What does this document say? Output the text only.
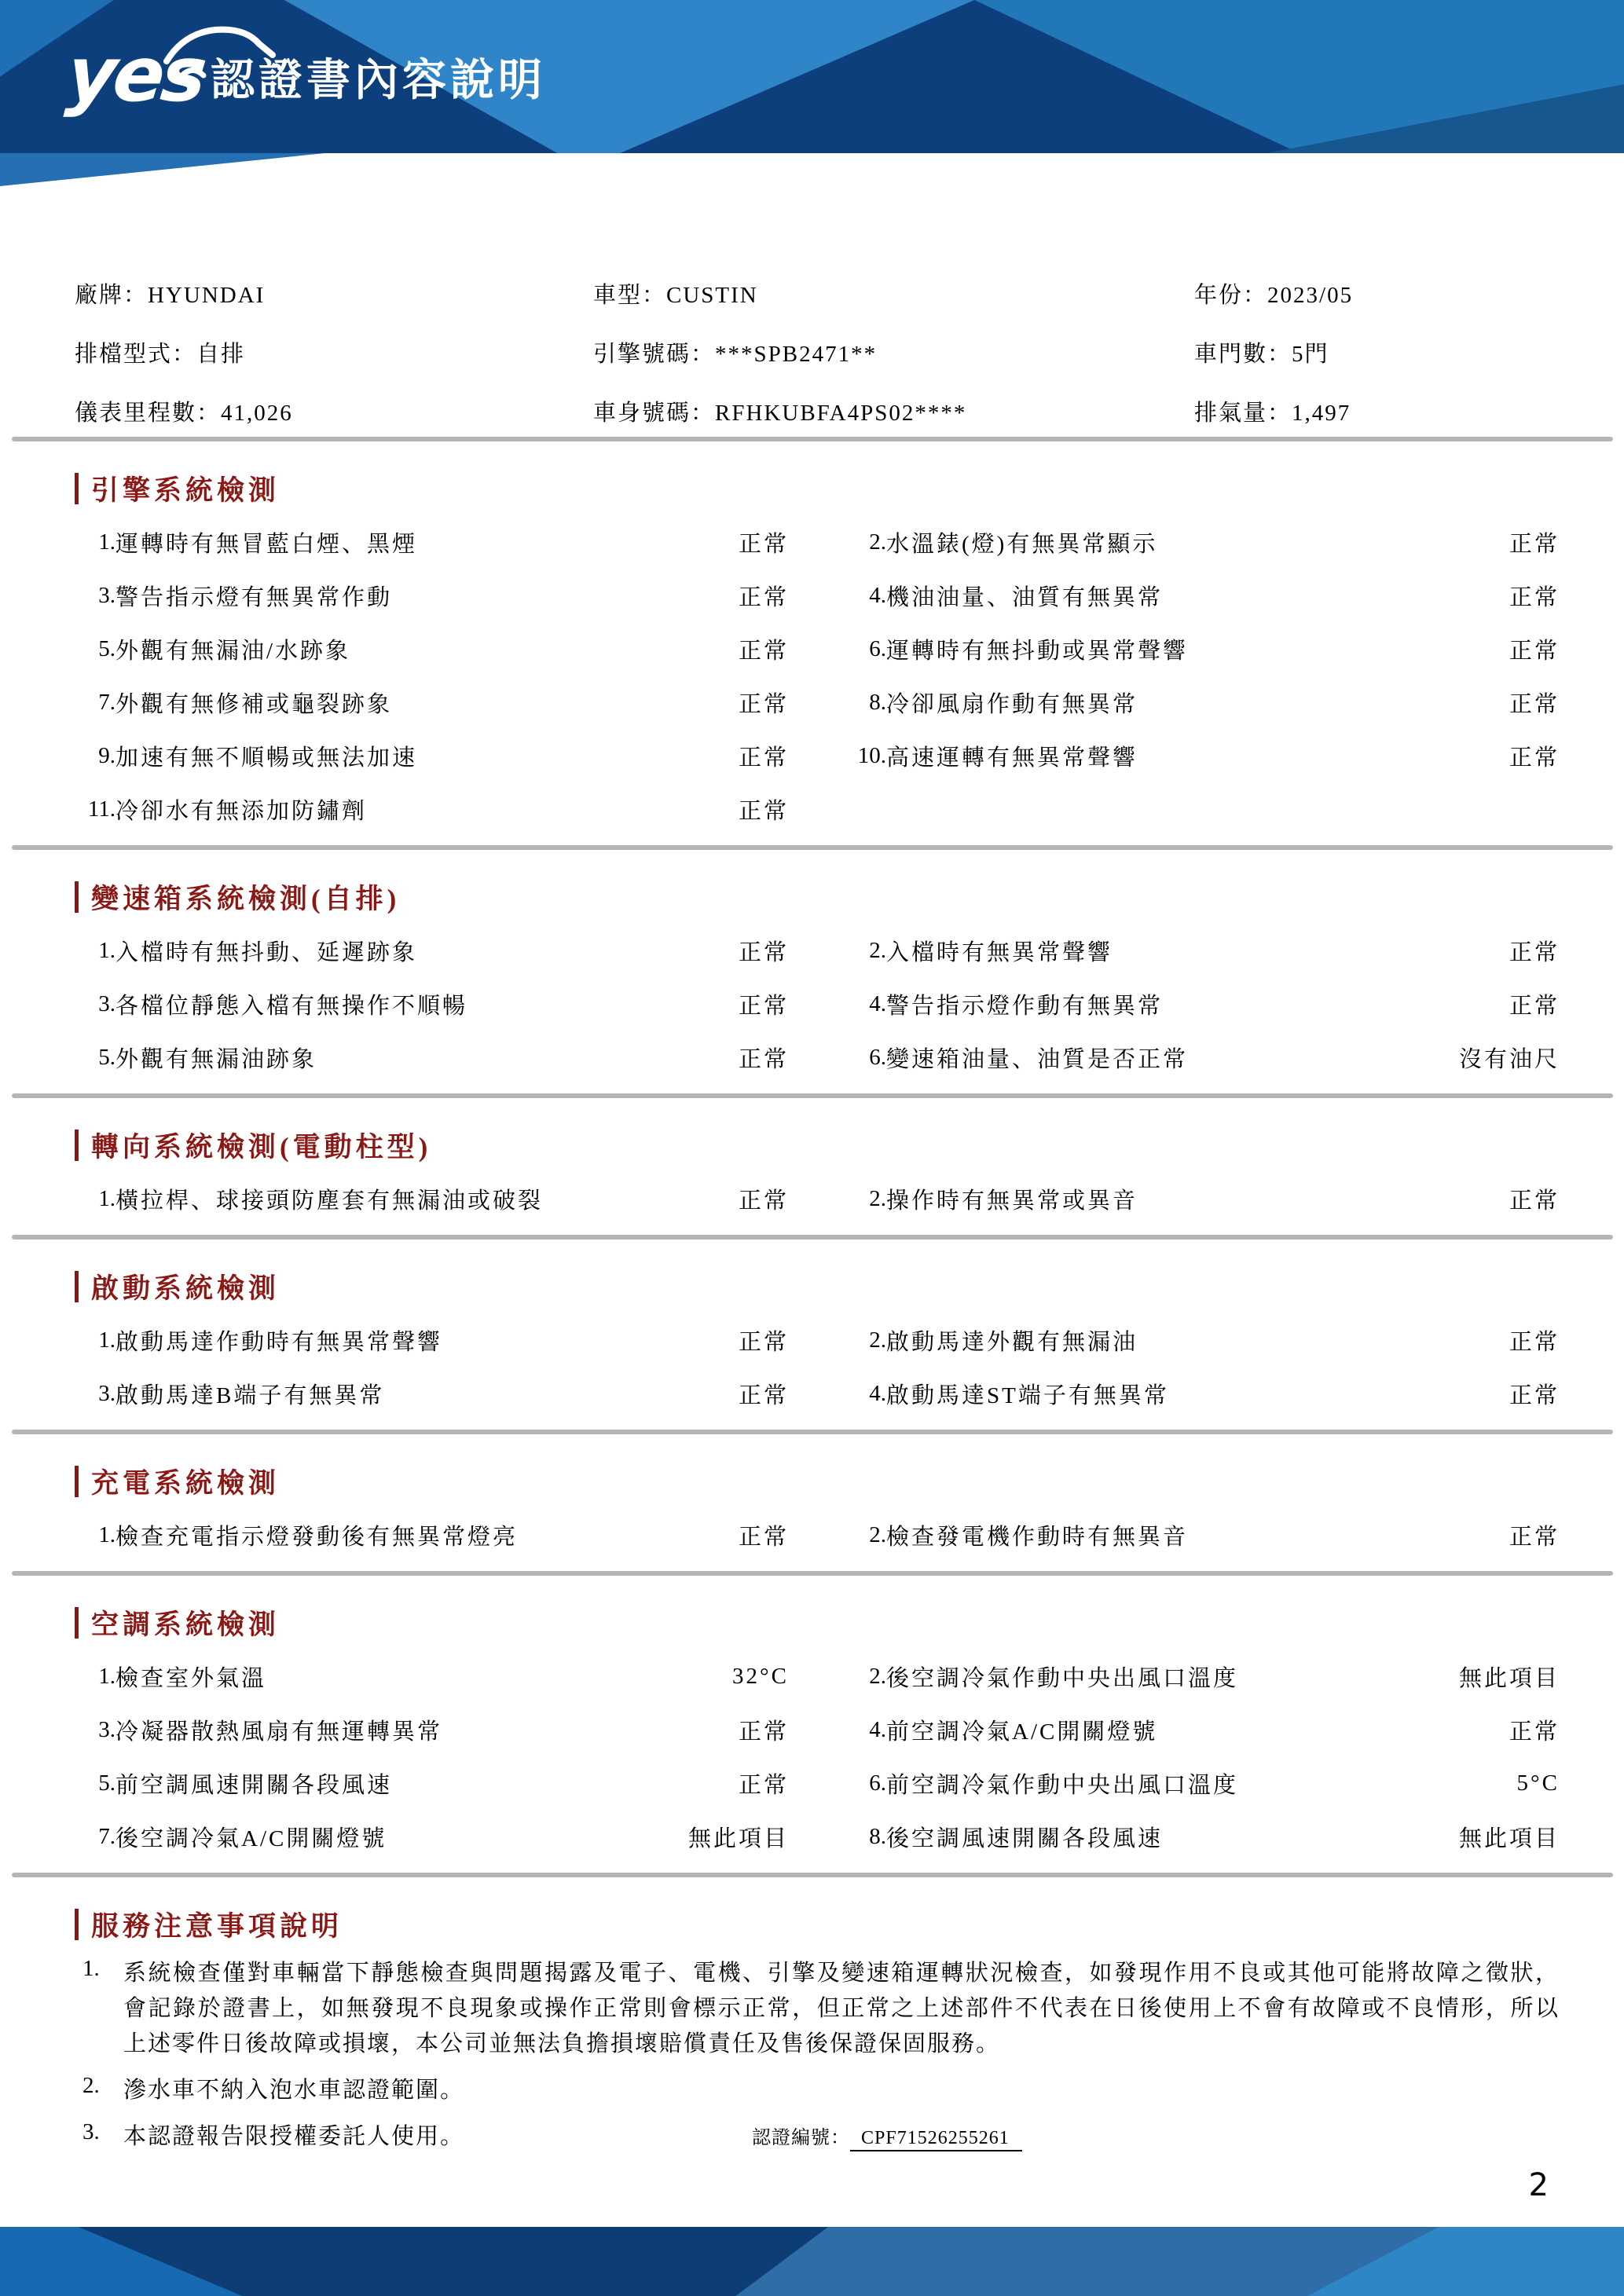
yes 認證書內容說明
廠牌：HYUNDAI	車型：CUSTIN	年份：2023/05
排檔型式：自排	引擎號碼：***SPB2471**	車門數：5門
儀表里程數：41,026	車身號碼：RFHKUBFA4PS02****	排氣量：1,497
引擎系統檢測
1. 運轉時有無冒藍白煙、黑煙	正常	2. 水溫錶(燈)有無異常顯示	正常
3. 警告指示燈有無異常作動	正常	4. 機油油量、油質有無異常	正常
5. 外觀有無漏油/水跡象	正常	6. 運轉時有無抖動或異常聲響	正常
7. 外觀有無修補或龜裂跡象	正常	8. 冷卻風扇作動有無異常	正常
9. 加速有無不順暢或無法加速	正常	10. 高速運轉有無異常聲響	正常
11. 冷卻水有無添加防鏽劑	正常
變速箱系統檢測(自排)
1. 入檔時有無抖動、延遲跡象	正常	2. 入檔時有無異常聲響	正常
3. 各檔位靜態入檔有無操作不順暢	正常	4. 警告指示燈作動有無異常	正常
5. 外觀有無漏油跡象	正常	6. 變速箱油量、油質是否正常	沒有油尺
轉向系統檢測(電動柱型)
1. 橫拉桿、球接頭防塵套有無漏油或破裂	正常	2. 操作時有無異常或異音	正常
啟動系統檢測
1. 啟動馬達作動時有無異常聲響	正常	2. 啟動馬達外觀有無漏油	正常
3. 啟動馬達B端子有無異常	正常	4. 啟動馬達ST端子有無異常	正常
充電系統檢測
1. 檢查充電指示燈發動後有無異常燈亮	正常	2. 檢查發電機作動時有無異音	正常
空調系統檢測
1. 檢查室外氣溫	32°C	2. 後空調冷氣作動中央出風口溫度	無此項目
3. 冷凝器散熱風扇有無運轉異常	正常	4. 前空調冷氣A/C開關燈號	正常
5. 前空調風速開關各段風速	正常	6. 前空調冷氣作動中央出風口溫度	5°C
7. 後空調冷氣A/C開關燈號	無此項目	8. 後空調風速開關各段風速	無此項目
服務注意事項說明
1.	系統檢查僅對車輛當下靜態檢查與問題揭露及電子、電機、引擎及變速箱運轉狀況檢查，如發現作用不良或其他可能將故障之徵狀，會記錄於證書上，如無發現不良現象或操作正常則會標示正常，但正常之上述部件不代表在日後使用上不會有故障或不良情形，所以上述零件日後故障或損壞，本公司並無法負擔損壞賠償責任及售後保證保固服務。
2.	滲水車不納入泡水車認證範圍。
3.	本認證報告限授權委託人使用。	認證編號： CPF71526255261
2
